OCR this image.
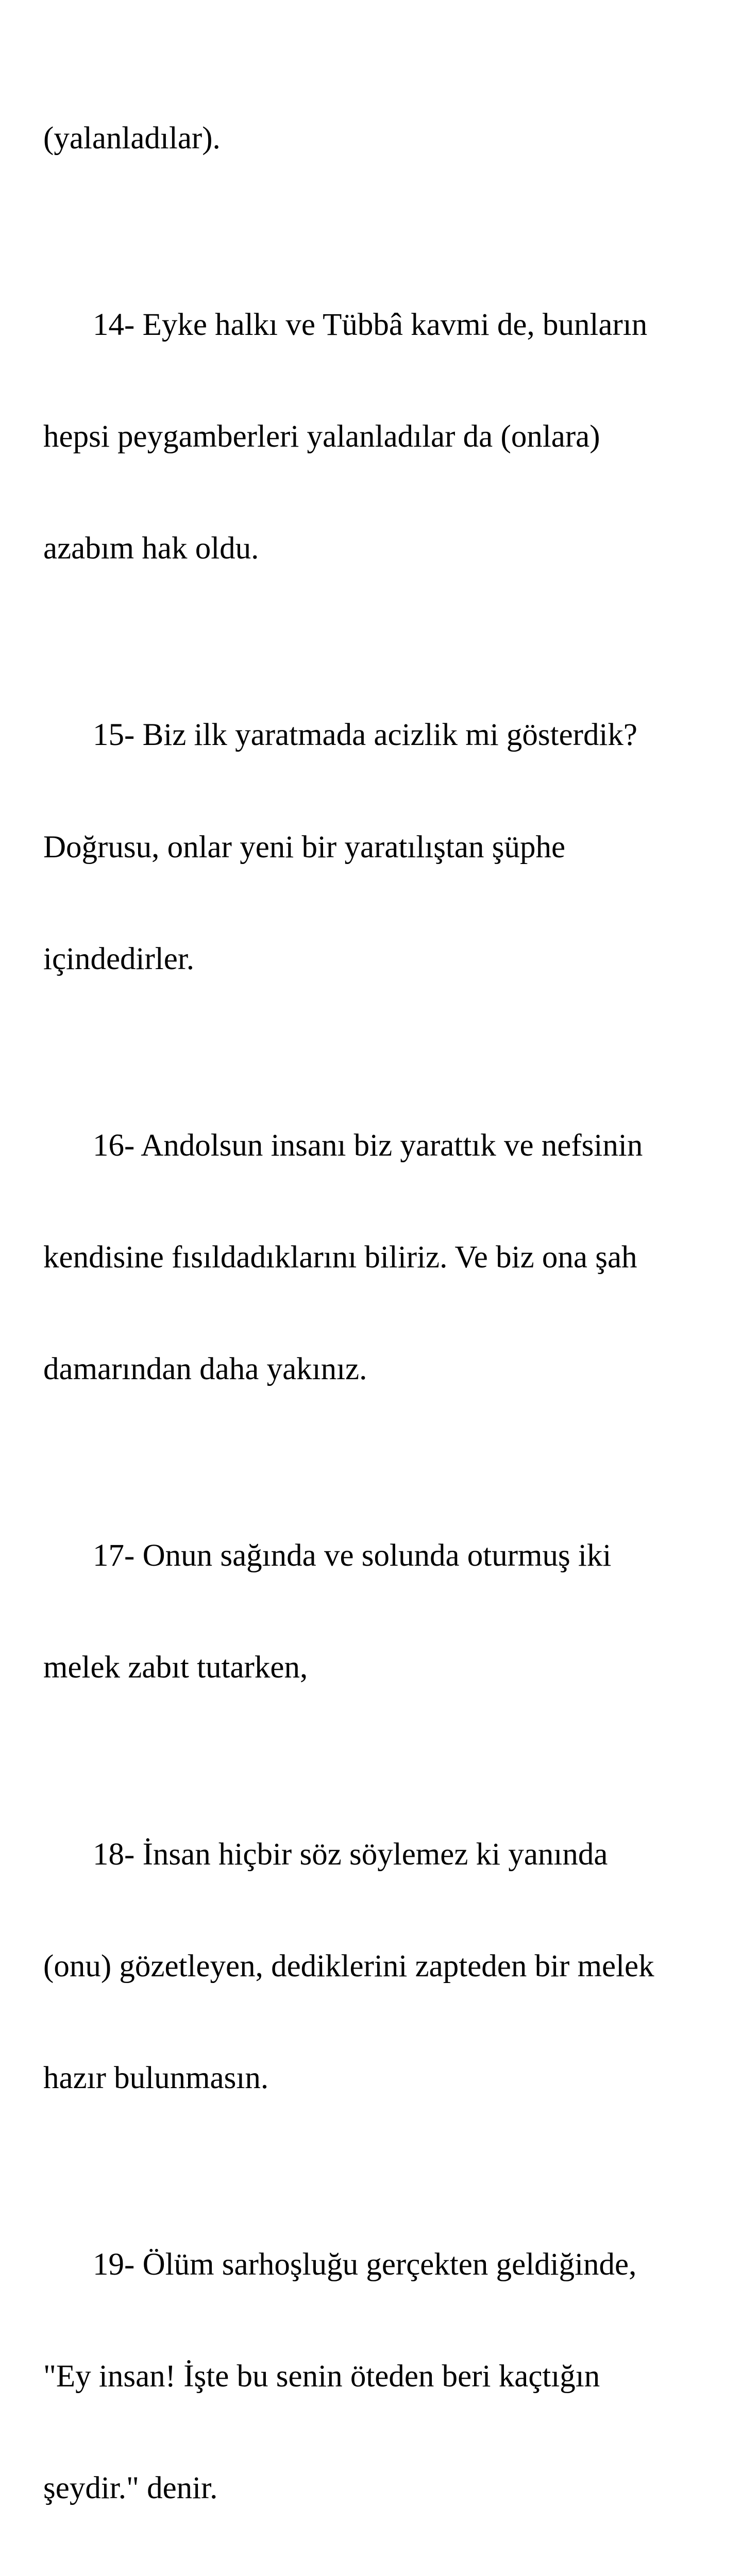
(yalanladılar).

14- Eyke halkı ve Tübbâ kavmi de, bunların

hepsi peygamberleri yalanladılar da (onlara)

azabım hak oldu.

15- Biz ilk yaratmada acizlik mi gösterdik?

Doğrusu, onlar yeni bir yaratılıştan şüphe

içindedirler.

16- Andolsun insanı biz yarattık ve nefsinin

kendisine fısıldadıklarını biliriz. Ve biz ona şah

damarından daha yakınız.

17- Onun sağında ve solunda oturmuş iki

melek zabıt tutarken,

18- İnsan hiçbir söz söylemez ki yanında

(onu) gözetleyen, dediklerini zapteden bir melek

hazır bulunmasın.

19- Ölüm sarhoşluğu gerçekten geldiğinde,

"Ey insan! İşte bu senin öteden beri kaçtığın

şeydir." denir.
